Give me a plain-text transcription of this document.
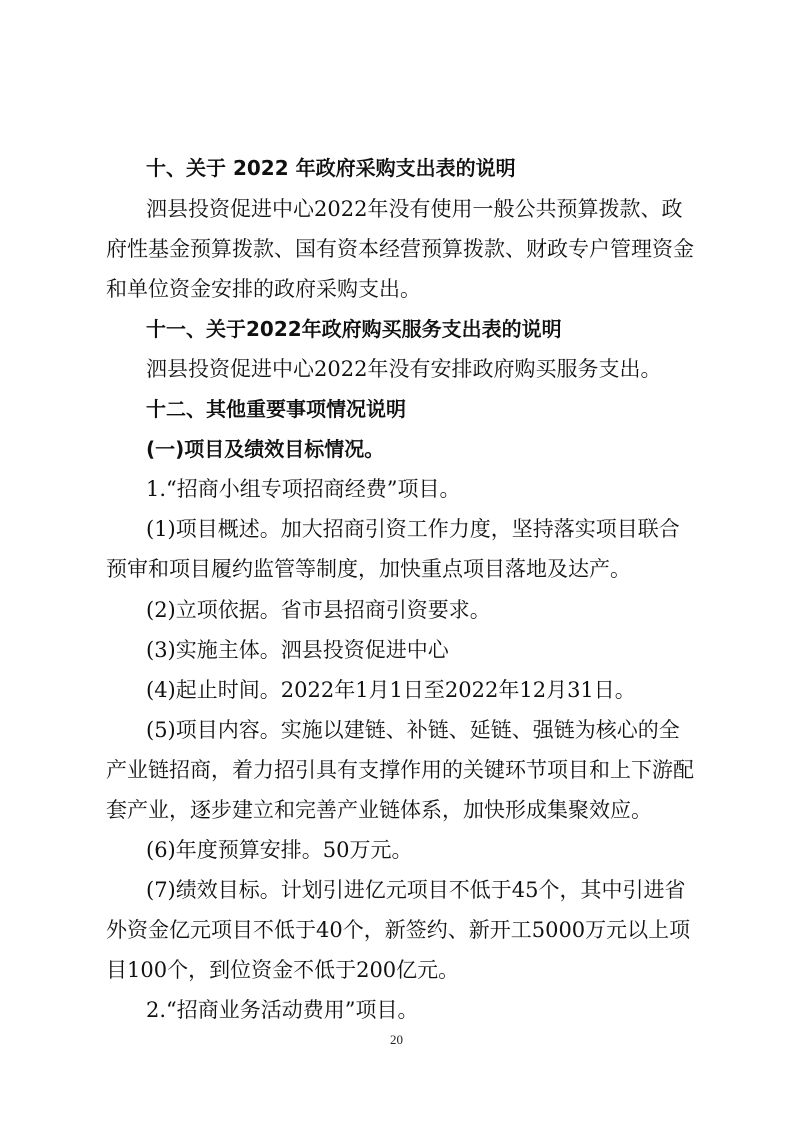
十、关于 2022 年政府采购支出表的说明
泗县投资促进中心2022年没有使用一般公共预算拨款、政
府性基金预算拨款、国有资本经营预算拨款、财政专户管理资金
和单位资金安排的政府采购支出。
十一、关于2022年政府购买服务支出表的说明
泗县投资促进中心2022年没有安排政府购买服务支出。
十二、其他重要事项情况说明
(一)项目及绩效目标情况。
1.“招商小组专项招商经费”项目。
(1)项目概述。加大招商引资工作力度，坚持落实项目联合
预审和项目履约监管等制度，加快重点项目落地及达产。
(2)立项依据。省市县招商引资要求。
(3)实施主体。泗县投资促进中心
(4)起止时间。2022年1月1日至2022年12月31日。
(5)项目内容。实施以建链、补链、延链、强链为核心的全
产业链招商，着力招引具有支撑作用的关键环节项目和上下游配
套产业，逐步建立和完善产业链体系，加快形成集聚效应。
(6)年度预算安排。50万元。
(7)绩效目标。计划引进亿元项目不低于45个，其中引进省
外资金亿元项目不低于40个，新签约、新开工5000万元以上项
目100个，到位资金不低于200亿元。
2.“招商业务活动费用”项目。
20
